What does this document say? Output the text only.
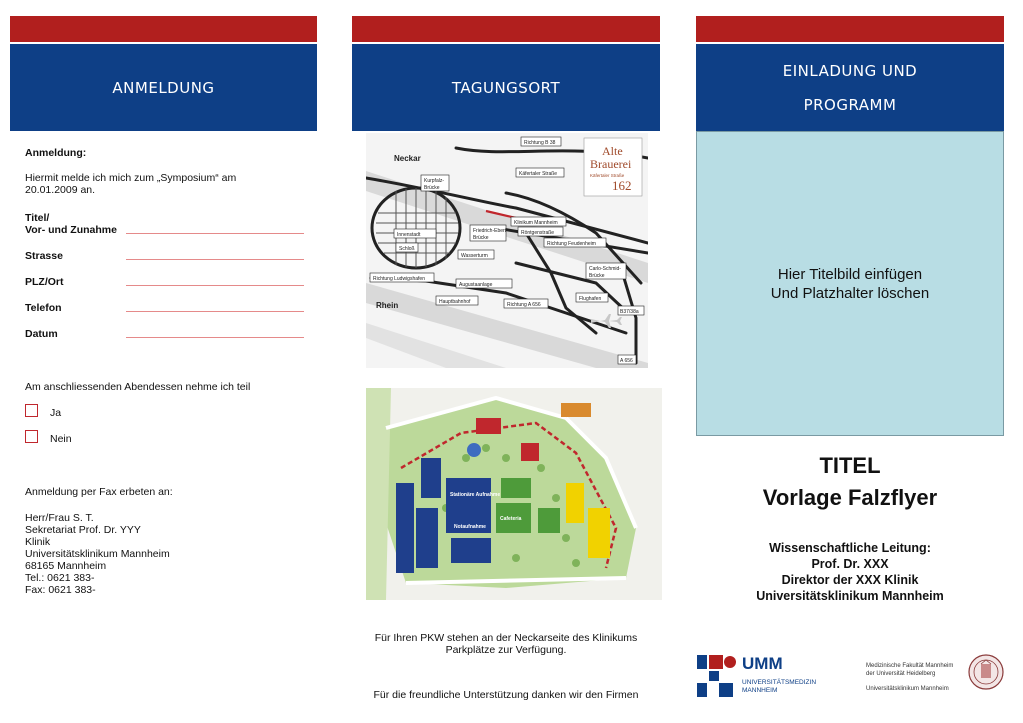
ANMELDUNG	TAGUNGSORT
EINLADUNG UND
PROGRAMM
Anmeldung:
Hiermit melde ich mich zum „Symposium“ am
20.01.2009 an.
Titel/
Vor- und Zunahme
Strasse
PLZ/Ort
Telefon
Datum
Am anschliessenden Abendessen nehme ich teil
Ja
Nein
Anmeldung per Fax erbeten an:
Herr/Frau S. T.
Sekretariat Prof. Dr. YYY
Klinik
Universitätsklinikum Mannheim
68165 Mannheim
Tel.: 0621 383-
Fax: 0621 383-
Neckar
Rhein
Richtung B 38
Käfertaler Straße
Kurpfalz-
Brücke
Klinikum Mannheim
Innenstadt
Friedrich-Ebert-
Brücke
Röntgenstraße
Schloß
Richtung Feudenheim
Wasserturm
Carlo-Schmid-
Brücke
Richtung Ludwigshafen
Augustaanlage
Hauptbahnhof	Richtung A 656
Flughafen
B37/38a
A 656
Alte
Brauerei
Käfertaler Straße
162
Stationäre Aufnahme
Notaufnahme
Cafeteria
Für Ihren PKW stehen an der Neckarseite des Klinikums
Parkplätze zur Verfügung.
Für die freundliche Unterstützung danken wir den Firmen
Hier Titelbild einfügen
Und Platzhalter löschen
TITEL
Vorlage Falzflyer
Wissenschaftliche Leitung:
Prof. Dr. XXX
Direktor der XXX Klinik
Universitätsklinikum Mannheim
UMM
UNIVERSITÄTSMEDIZIN
MANNHEIM
Medizinische Fakultät Mannheim
der Universität Heidelberg
Universitätsklinikum Mannheim
